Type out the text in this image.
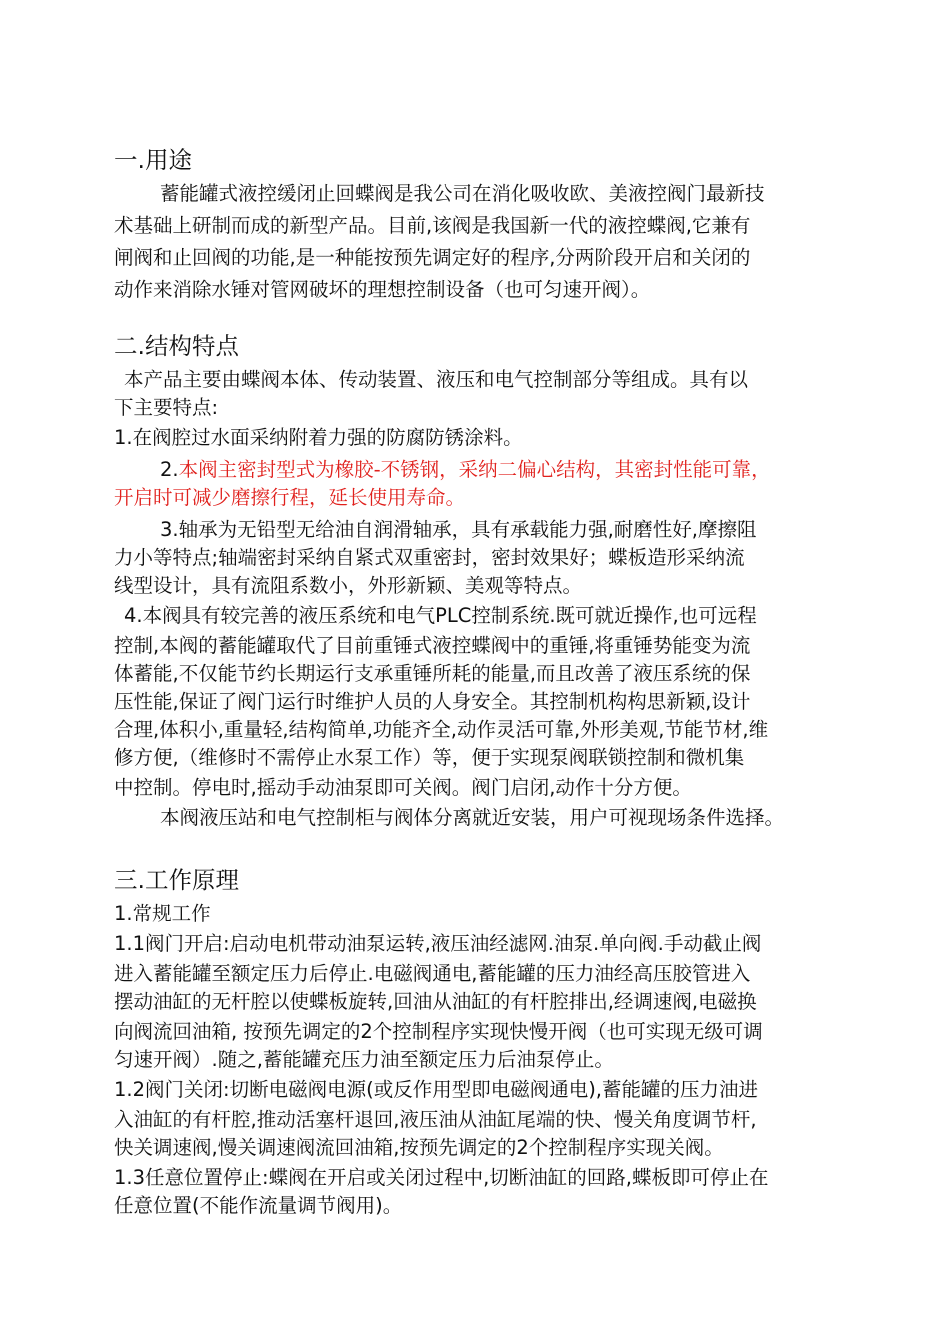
一.用途
蓄能罐式液控缓闭止回蝶阀是我公司在消化吸收欧、美液控阀门最新技
术基础上研制而成的新型产品。目前,该阀是我国新一代的液控蝶阀,它兼有
闸阀和止回阀的功能,是一种能按预先调定好的程序,分两阶段开启和关闭的
动作来消除水锤对管网破坏的理想控制设备（也可匀速开阀）。
二.结构特点
本产品主要由蝶阀本体、传动装置、液压和电气控制部分等组成。具有以
下主要特点:
1.在阀腔过水面采纳附着力强的防腐防锈涂料。
2.本阀主密封型式为橡胶-不锈钢，采纳二偏心结构，其密封性能可靠，
开启时可减少磨擦行程，延长使用寿命。
3.轴承为无铅型无给油自润滑轴承，具有承载能力强,耐磨性好,摩擦阻
力小等特点;轴端密封采纳自紧式双重密封，密封效果好；蝶板造形采纳流
线型设计，具有流阻系数小，外形新颖、美观等特点。
4.本阀具有较完善的液压系统和电气PLC控制系统.既可就近操作,也可远程
控制,本阀的蓄能罐取代了目前重锤式液控蝶阀中的重锤,将重锤势能变为流
体蓄能,不仅能节约长期运行支承重锤所耗的能量,而且改善了液压系统的保
压性能,保证了阀门运行时维护人员的人身安全。其控制机构构思新颖,设计
合理,体积小,重量轻,结构简单,功能齐全,动作灵活可靠,外形美观,节能节材,维
修方便,（维修时不需停止水泵工作）等，便于实现泵阀联锁控制和微机集
中控制。停电时,摇动手动油泵即可关阀。阀门启闭,动作十分方便。
本阀液压站和电气控制柜与阀体分离就近安装，用户可视现场条件选择。
三.工作原理
1.常规工作
1.1阀门开启:启动电机带动油泵运转,液压油经滤网.油泵.单向阀.手动截止阀
进入蓄能罐至额定压力后停止.电磁阀通电,蓄能罐的压力油经高压胶管进入
摆动油缸的无杆腔以使蝶板旋转,回油从油缸的有杆腔排出,经调速阀,电磁换
向阀流回油箱, 按预先调定的2个控制程序实现快慢开阀（也可实现无级可调
匀速开阀）.随之,蓄能罐充压力油至额定压力后油泵停止。
1.2阀门关闭:切断电磁阀电源(或反作用型即电磁阀通电),蓄能罐的压力油进
入油缸的有杆腔,推动活塞杆退回,液压油从油缸尾端的快、慢关角度调节杆,
快关调速阀,慢关调速阀流回油箱,按预先调定的2个控制程序实现关阀。
1.3任意位置停止:蝶阀在开启或关闭过程中,切断油缸的回路,蝶板即可停止在
任意位置(不能作流量调节阀用)。
